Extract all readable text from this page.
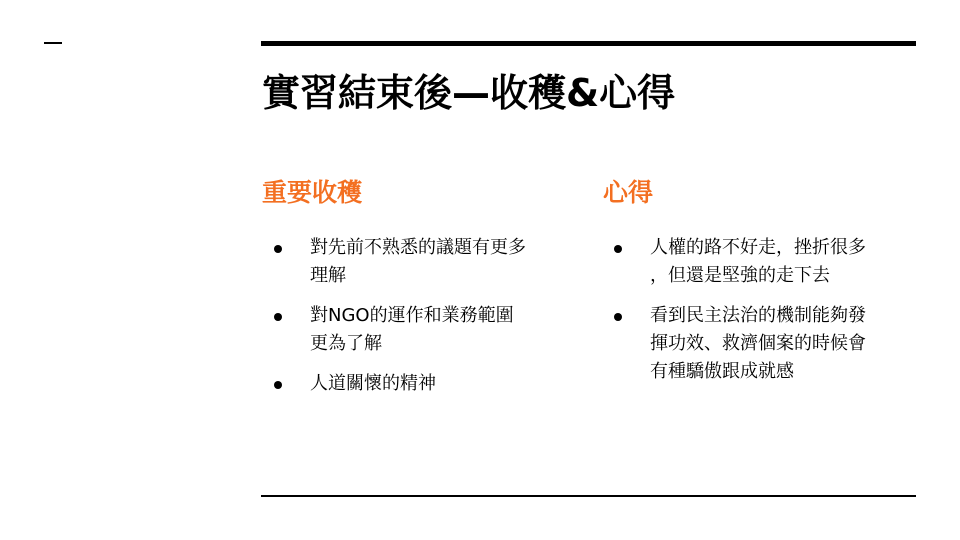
實習結束後—收穫&心得
重要收穫	心得
對先前不熟悉的議題有更多
理解
對NGO的運作和業務範圍
更為了解
人道關懷的精神
人權的路不好走，挫折很多
，但還是堅強的走下去
看到民主法治的機制能夠發
揮功效、救濟個案的時候會
有種驕傲跟成就感
